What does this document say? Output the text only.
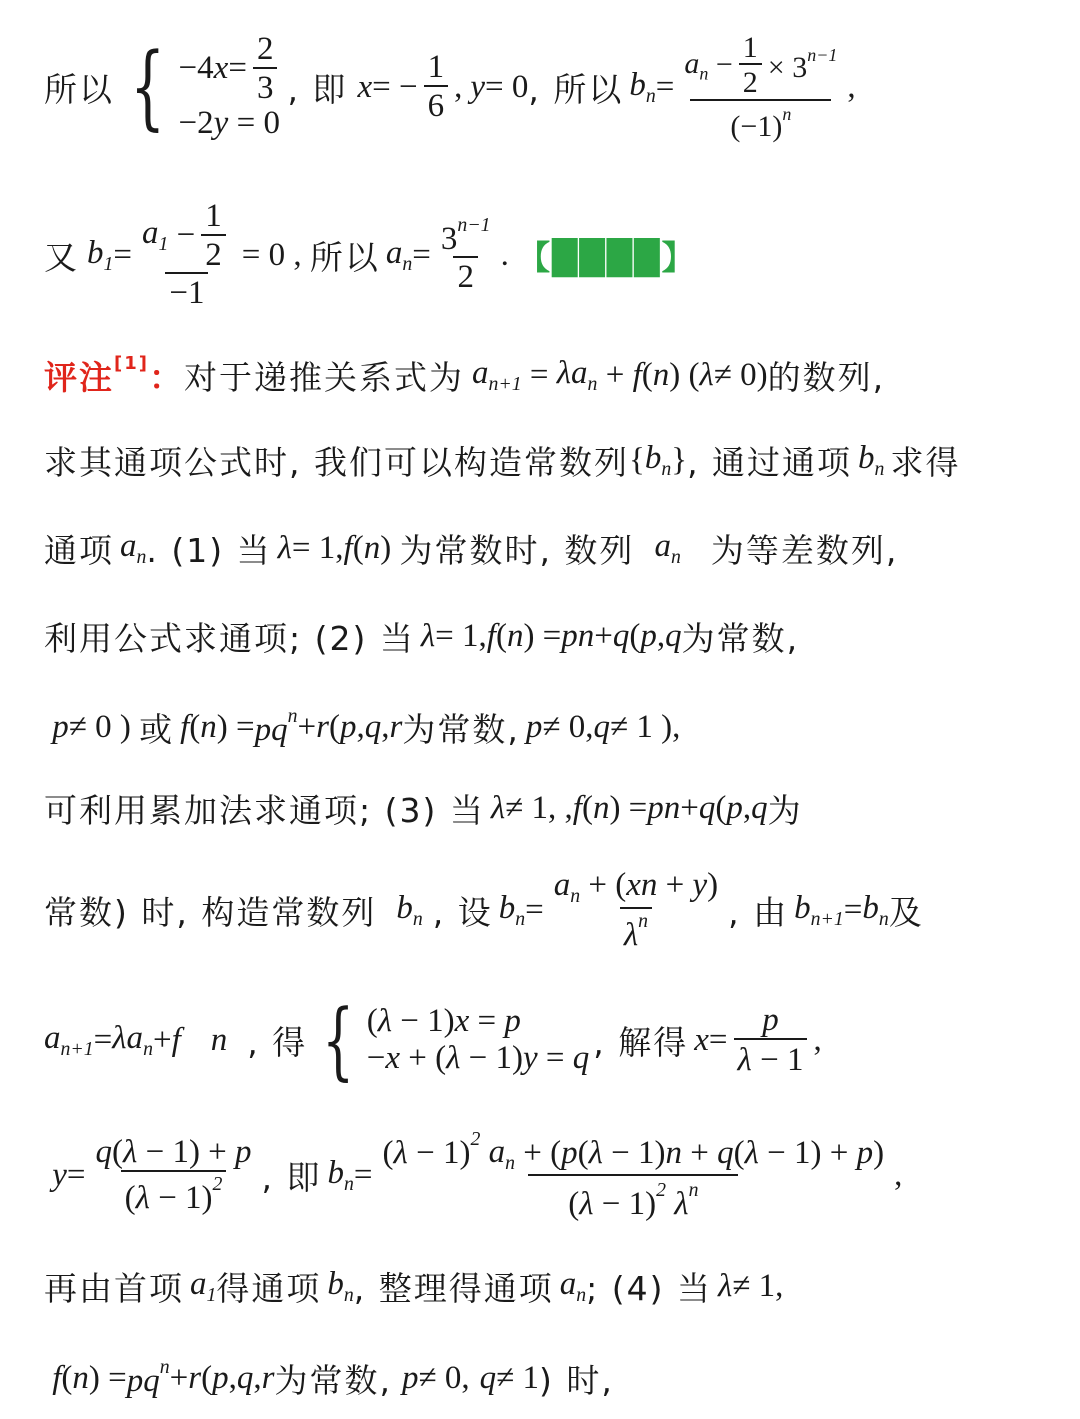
所以 { −4 $x = \frac{2}{3}$
−2y = 0
, 即 x = − $\frac{1}{6}$ , y = 0 , 所以 $b_n = \frac{a_n - \frac{1}{2} \times 3^{n-1}}{(-1)^n}$ ,
又 $b_1 = \frac{a_1 - \frac{1}{2}}{-1} = 0$ , 所以 $a_n = \frac{3^{n-1}}{2}$ . 【████】
评注 [1] ： 对于递推关系式为 $a_{n+1} = \lambda a_n + f$ ( n ) ( λ ≠ 0) 的数列,
求其通项公式时, 我们可以构造常数列 { $b_n$ } , 通过通项 $b_n$ 求得
通项 $a_n$ . (1) 当 λ = 1, f ( n ) 为常数时, 数列 $a_n$ 为等差数列,
利用公式求通项; (2) 当 λ = 1, f ( n ) = pn + q ( p , q 为常数,
p ≠ 0 ) 或 f ( n ) = $pq^n + r$ ( p , q , r 为常数, p ≠ 0, q ≠ 1 ),
可利用累加法求通项; (3) 当 λ ≠ 1, , f ( n ) = pn + q ( p , q 为
常数) 时, 构造常数列 $b_n$ , 设 $b_n = \frac{a_n + (xn + y)}{\lambda^n}$ , 由 $b_{n+1} = b_n$ 及
$a_{n+1} = \lambda a_n + f$ n , 得 { (λ − 1)x = p
−x + (λ − 1)y = q , 解得 $x = \frac{p}{\lambda - 1}$ ,
$y = \frac{q(\lambda - 1) + p}{(\lambda - 1)^2}$ , 即 $b_n = \frac{(\lambda - 1)^2 a_n + (p(\lambda - 1)n + q(\lambda - 1) + p)}{(\lambda - 1)^2 \lambda^n}$ ,
再由首项 $a_1$ 得通项 $b_n$ , 整理得通项 $a_n$ ; (4) 当 λ ≠ 1,
f ( n ) = $pq^n + r$ ( p , q , r 为常数, p ≠ 0, q ≠ 1 ) 时,
